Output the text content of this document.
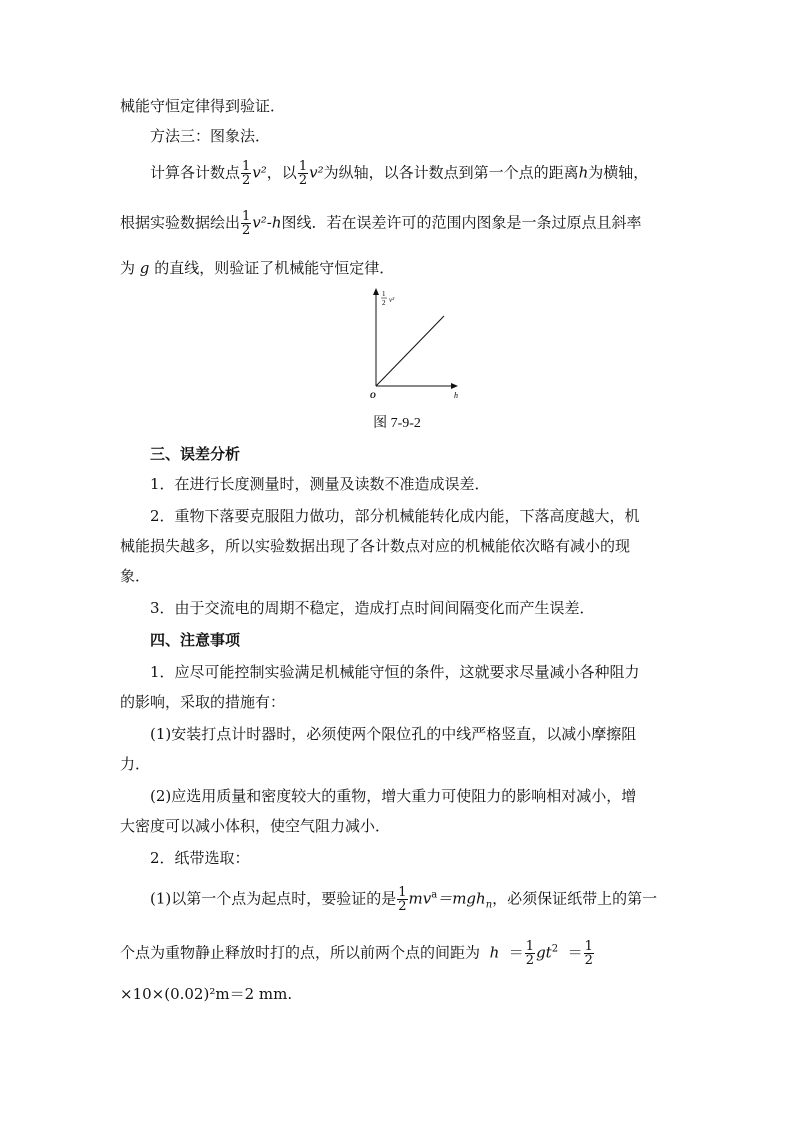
械能守恒定律得到验证．
方法三：图象法．
计算各计数点 $\frac{1}{2} v^2$，以 $\frac{1}{2} v^2$为纵轴，以各计数点到第一个点的距离h为横轴，
根据实验数据绘出 $\frac{1}{2} v^2-h$图线．若在误差许可的范围内图象是一条过原点且斜率
为 g 的直线，则验证了机械能守恒定律．
1
2 v²
h
O
图 7-9-2
三、误差分析
1．在进行长度测量时，测量及读数不准造成误差．
2．重物下落要克服阻力做功，部分机械能转化成内能，下落高度越大，机
械能损失越多，所以实验数据出现了各计数点对应的机械能依次略有减小的现
象．
3．由于交流电的周期不稳定，造成打点时间间隔变化而产生误差．
四、注意事项
1．应尽可能控制实验满足机械能守恒的条件，这就要求尽量减小各种阻力
的影响，采取的措施有：
(1)安装打点计时器时，必须使两个限位孔的中线严格竖直，以减小摩擦阻
力．
(2)应选用质量和密度较大的重物，增大重力可使阻力的影响相对减小，增
大密度可以减小体积，使空气阻力减小．
2．纸带选取：
(1)以第一个点为起点时，要验证的是 $\frac{1}{2} mv^a=mgh_n$，必须保证纸带上的第一
个点为重物静止释放时打的点，所以前两个点的间距为 $h = \frac{1}{2} gt^2 = \frac{1}{2}$
×10×(0.02)²m＝2 mm.
